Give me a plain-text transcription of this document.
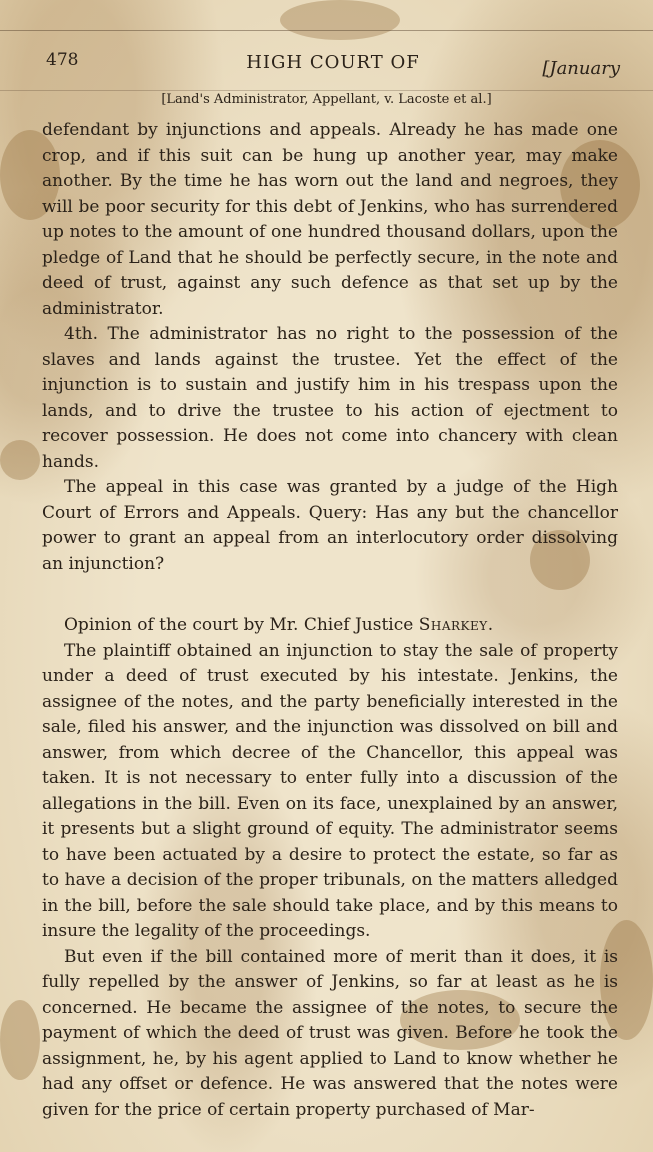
478	HIGH COURT OF	[January
[Land's Administrator, Appellant, v. Lacoste et al.]

defendant by injunctions and appeals. Already he has made one crop, and if this suit can be hung up another year, may make another. By the time he has worn out the land and negroes, they will be poor security for this debt of Jenkins, who has surrendered up notes to the amount of one hundred thousand dollars, upon the pledge of Land that he should be perfectly secure, in the note and deed of trust, against any such defence as that set up by the administrator.

4th. The administrator has no right to the possession of the slaves and lands against the trustee. Yet the effect of the injunction is to sustain and justify him in his trespass upon the lands, and to drive the trustee to his action of ejectment to recover possession. He does not come into chancery with clean hands.

The appeal in this case was granted by a judge of the High Court of Errors and Appeals. Query: Has any but the chancellor power to grant an appeal from an interlocutory order dissolving an injunction?

Opinion of the court by Mr. Chief Justice Sharkey.

The plaintiff obtained an injunction to stay the sale of property under a deed of trust executed by his intestate. Jenkins, the assignee of the notes, and the party beneficially interested in the sale, filed his answer, and the injunction was dissolved on bill and answer, from which decree of the Chancellor, this appeal was taken. It is not necessary to enter fully into a discussion of the allegations in the bill. Even on its face, unexplained by an answer, it presents but a slight ground of equity. The administrator seems to have been actuated by a desire to protect the estate, so far as to have a decision of the proper tribunals, on the matters alledged in the bill, before the sale should take place, and by this means to insure the legality of the proceedings.

But even if the bill contained more of merit than it does, it is fully repelled by the answer of Jenkins, so far at least as he is concerned. He became the assignee of the notes, to secure the payment of which the deed of trust was given. Before he took the assignment, he, by his agent applied to Land to know whether he had any offset or defence. He was answered that the notes were given for the price of certain property purchased of Mar-
